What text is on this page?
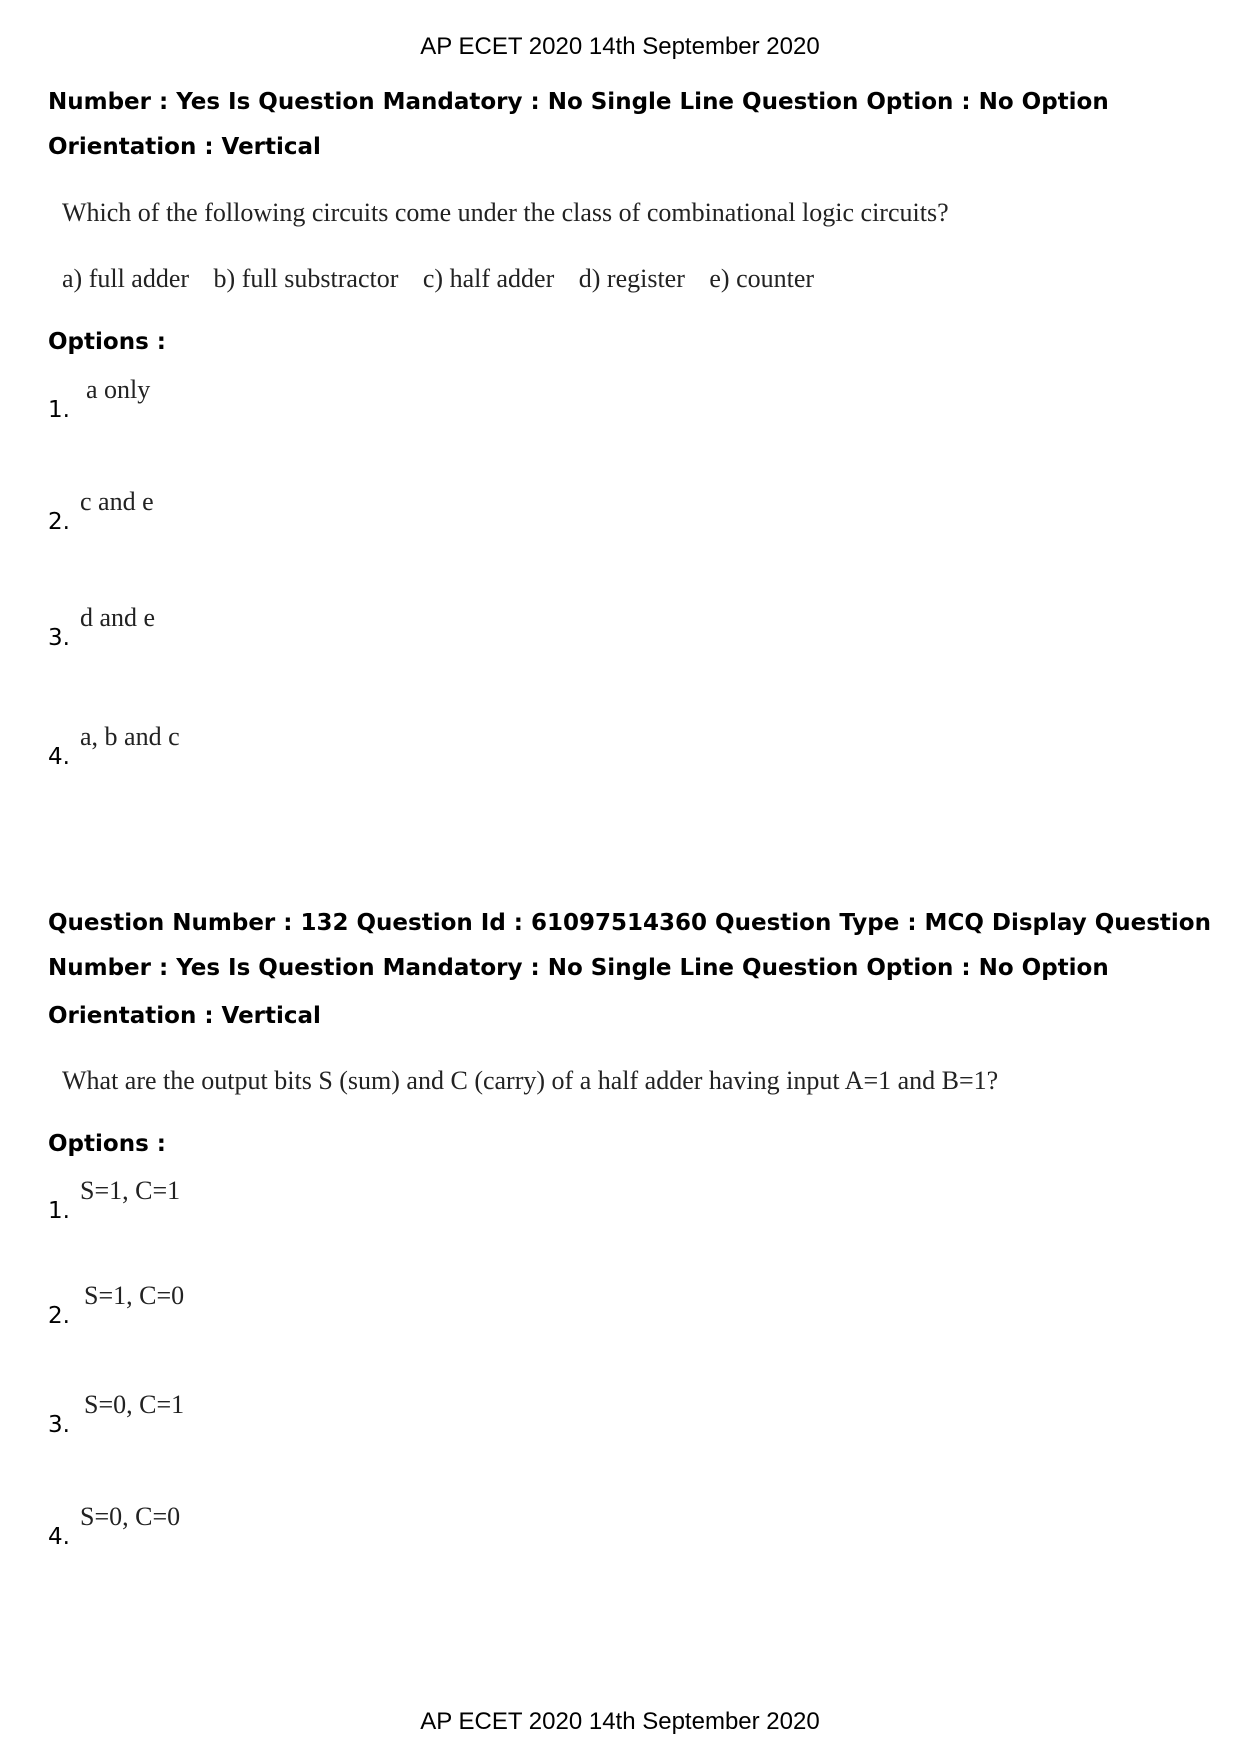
AP ECET 2020 14th September 2020
Number : Yes Is Question Mandatory : No Single Line Question Option : No Option
Orientation : Vertical
Which of the following circuits come under the class of combinational logic circuits?
a) full adder b) full substractor c) half adder d) register e) counter
Options :
1.
a only
2.
c and e
3.
d and e
4.
a, b and c
Question Number : 132 Question Id : 61097514360 Question Type : MCQ Display Question
Number : Yes Is Question Mandatory : No Single Line Question Option : No Option
Orientation : Vertical
What are the output bits S (sum) and C (carry) of a half adder having input A=1 and B=1?
Options :
1.
S=1, C=1
2.
S=1, C=0
3.
S=0, C=1
4.
S=0, C=0
AP ECET 2020 14th September 2020
